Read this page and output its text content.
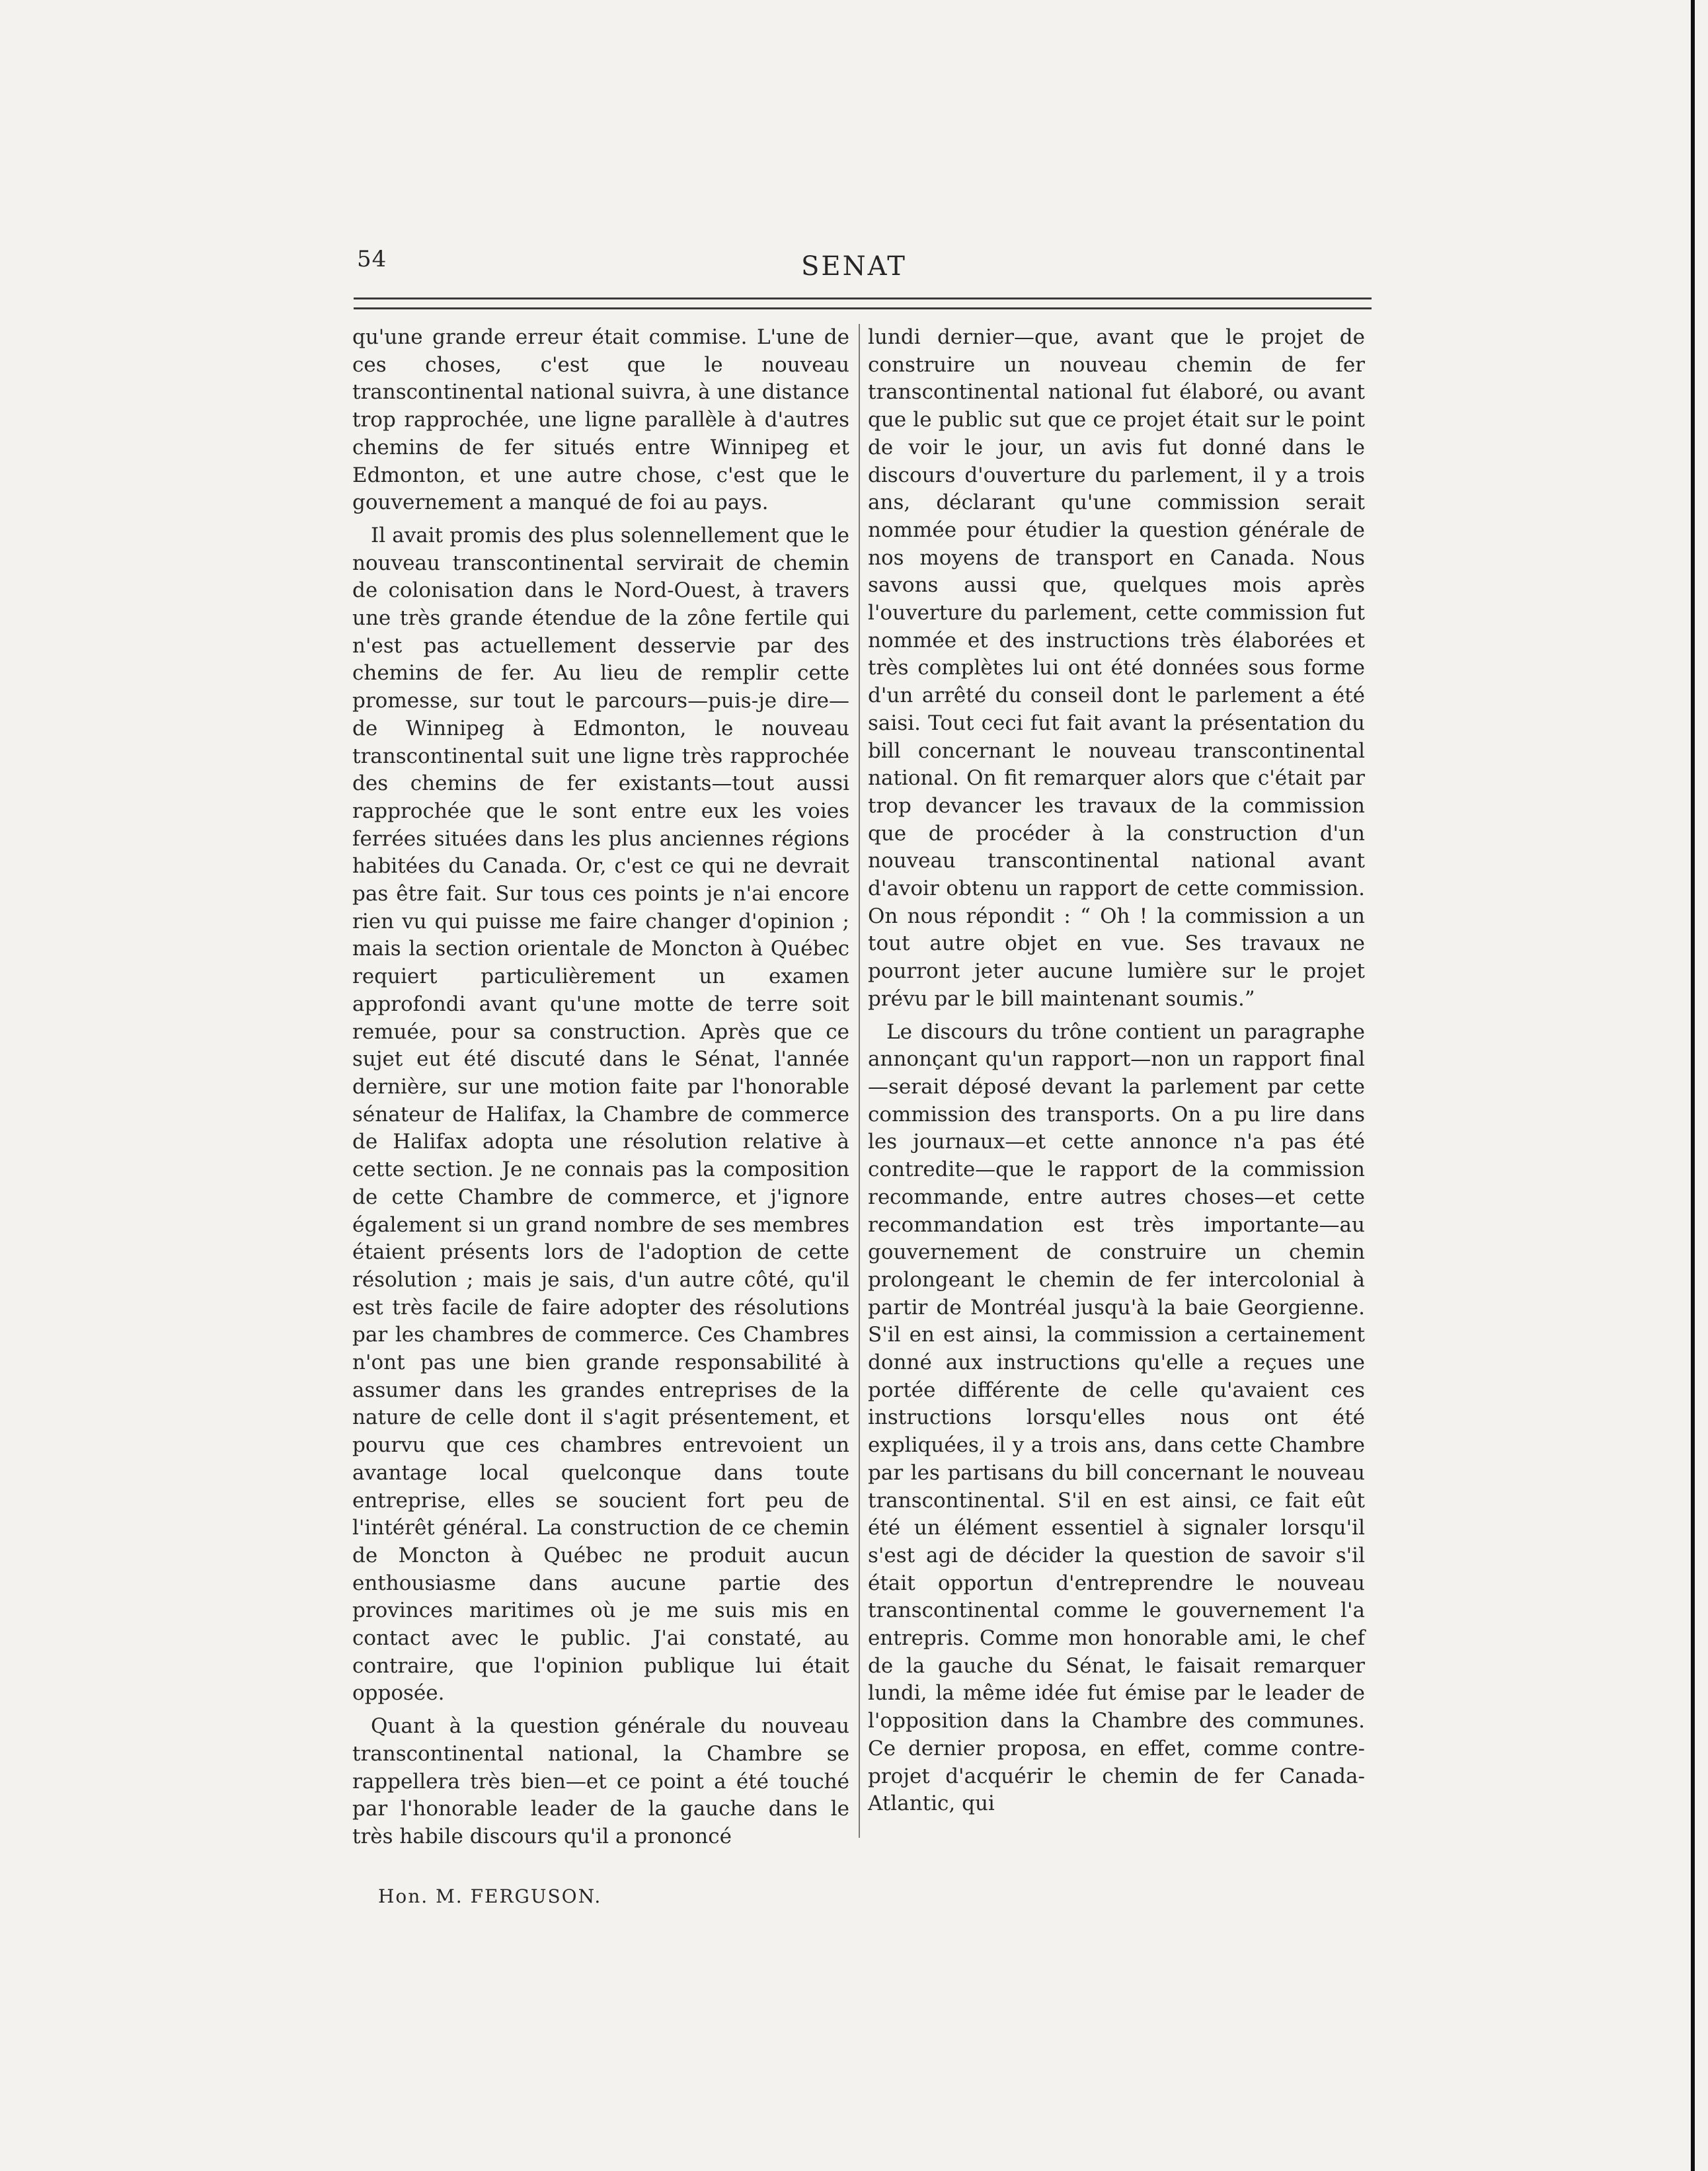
54	SENAT

qu'une grande erreur était commise. L'une de ces choses, c'est que le nouveau transcontinental national suivra, à une distance trop rapprochée, une ligne parallèle à d'autres chemins de fer situés entre Winnipeg et Edmonton, et une autre chose, c'est que le gouvernement a manqué de foi au pays.

Il avait promis des plus solennellement que le nouveau transcontinental servirait de chemin de colonisation dans le Nord-Ouest, à travers une très grande étendue de la zône fertile qui n'est pas actuellement desservie par des chemins de fer. Au lieu de remplir cette promesse, sur tout le parcours—puis-je dire—de Winnipeg à Edmonton, le nouveau transcontinental suit une ligne très rapprochée des chemins de fer existants—tout aussi rapprochée que le sont entre eux les voies ferrées situées dans les plus anciennes régions habitées du Canada. Or, c'est ce qui ne devrait pas être fait. Sur tous ces points je n'ai encore rien vu qui puisse me faire changer d'opinion ; mais la section orientale de Moncton à Québec requiert particulièrement un examen approfondi avant qu'une motte de terre soit remuée, pour sa construction. Après que ce sujet eut été discuté dans le Sénat, l'année dernière, sur une motion faite par l'honorable sénateur de Halifax, la Chambre de commerce de Halifax adopta une résolution relative à cette section. Je ne connais pas la composition de cette Chambre de commerce, et j'ignore également si un grand nombre de ses membres étaient présents lors de l'adoption de cette résolution ; mais je sais, d'un autre côté, qu'il est très facile de faire adopter des résolutions par les chambres de commerce. Ces Chambres n'ont pas une bien grande responsabilité à assumer dans les grandes entreprises de la nature de celle dont il s'agit présentement, et pourvu que ces chambres entrevoient un avantage local quelconque dans toute entreprise, elles se soucient fort peu de l'intérêt général. La construction de ce chemin de Moncton à Québec ne produit aucun enthousiasme dans aucune partie des provinces maritimes où je me suis mis en contact avec le public. J'ai constaté, au contraire, que l'opinion publique lui était opposée.

Quant à la question générale du nouveau transcontinental national, la Chambre se rappellera très bien—et ce point a été touché par l'honorable leader de la gauche dans le très habile discours qu'il a prononcé

lundi dernier—que, avant que le projet de construire un nouveau chemin de fer transcontinental national fut élaboré, ou avant que le public sut que ce projet était sur le point de voir le jour, un avis fut donné dans le discours d'ouverture du parlement, il y a trois ans, déclarant qu'une commission serait nommée pour étudier la question générale de nos moyens de transport en Canada. Nous savons aussi que, quelques mois après l'ouverture du parlement, cette commission fut nommée et des instructions très élaborées et très complètes lui ont été données sous forme d'un arrêté du conseil dont le parlement a été saisi. Tout ceci fut fait avant la présentation du bill concernant le nouveau transcontinental national. On fit remarquer alors que c'était par trop devancer les travaux de la commission que de procéder à la construction d'un nouveau transcontinental national avant d'avoir obtenu un rapport de cette commission. On nous répondit : “ Oh ! la commission a un tout autre objet en vue. Ses travaux ne pourront jeter aucune lumière sur le projet prévu par le bill maintenant soumis.”

Le discours du trône contient un paragraphe annonçant qu'un rapport—non un rapport final—serait déposé devant la parlement par cette commission des transports. On a pu lire dans les journaux—et cette annonce n'a pas été contredite—que le rapport de la commission recommande, entre autres choses—et cette recommandation est très importante—au gouvernement de construire un chemin prolongeant le chemin de fer intercolonial à partir de Montréal jusqu'à la baie Georgienne. S'il en est ainsi, la commission a certainement donné aux instructions qu'elle a reçues une portée différente de celle qu'avaient ces instructions lorsqu'elles nous ont été expliquées, il y a trois ans, dans cette Chambre par les partisans du bill concernant le nouveau transcontinental. S'il en est ainsi, ce fait eût été un élément essentiel à signaler lorsqu'il s'est agi de décider la question de savoir s'il était opportun d'entreprendre le nouveau transcontinental comme le gouvernement l'a entrepris. Comme mon honorable ami, le chef de la gauche du Sénat, le faisait remarquer lundi, la même idée fut émise par le leader de l'opposition dans la Chambre des communes. Ce dernier proposa, en effet, comme contre-projet d'acquérir le chemin de fer Canada-Atlantic, qui

Hon. M. FERGUSON.
